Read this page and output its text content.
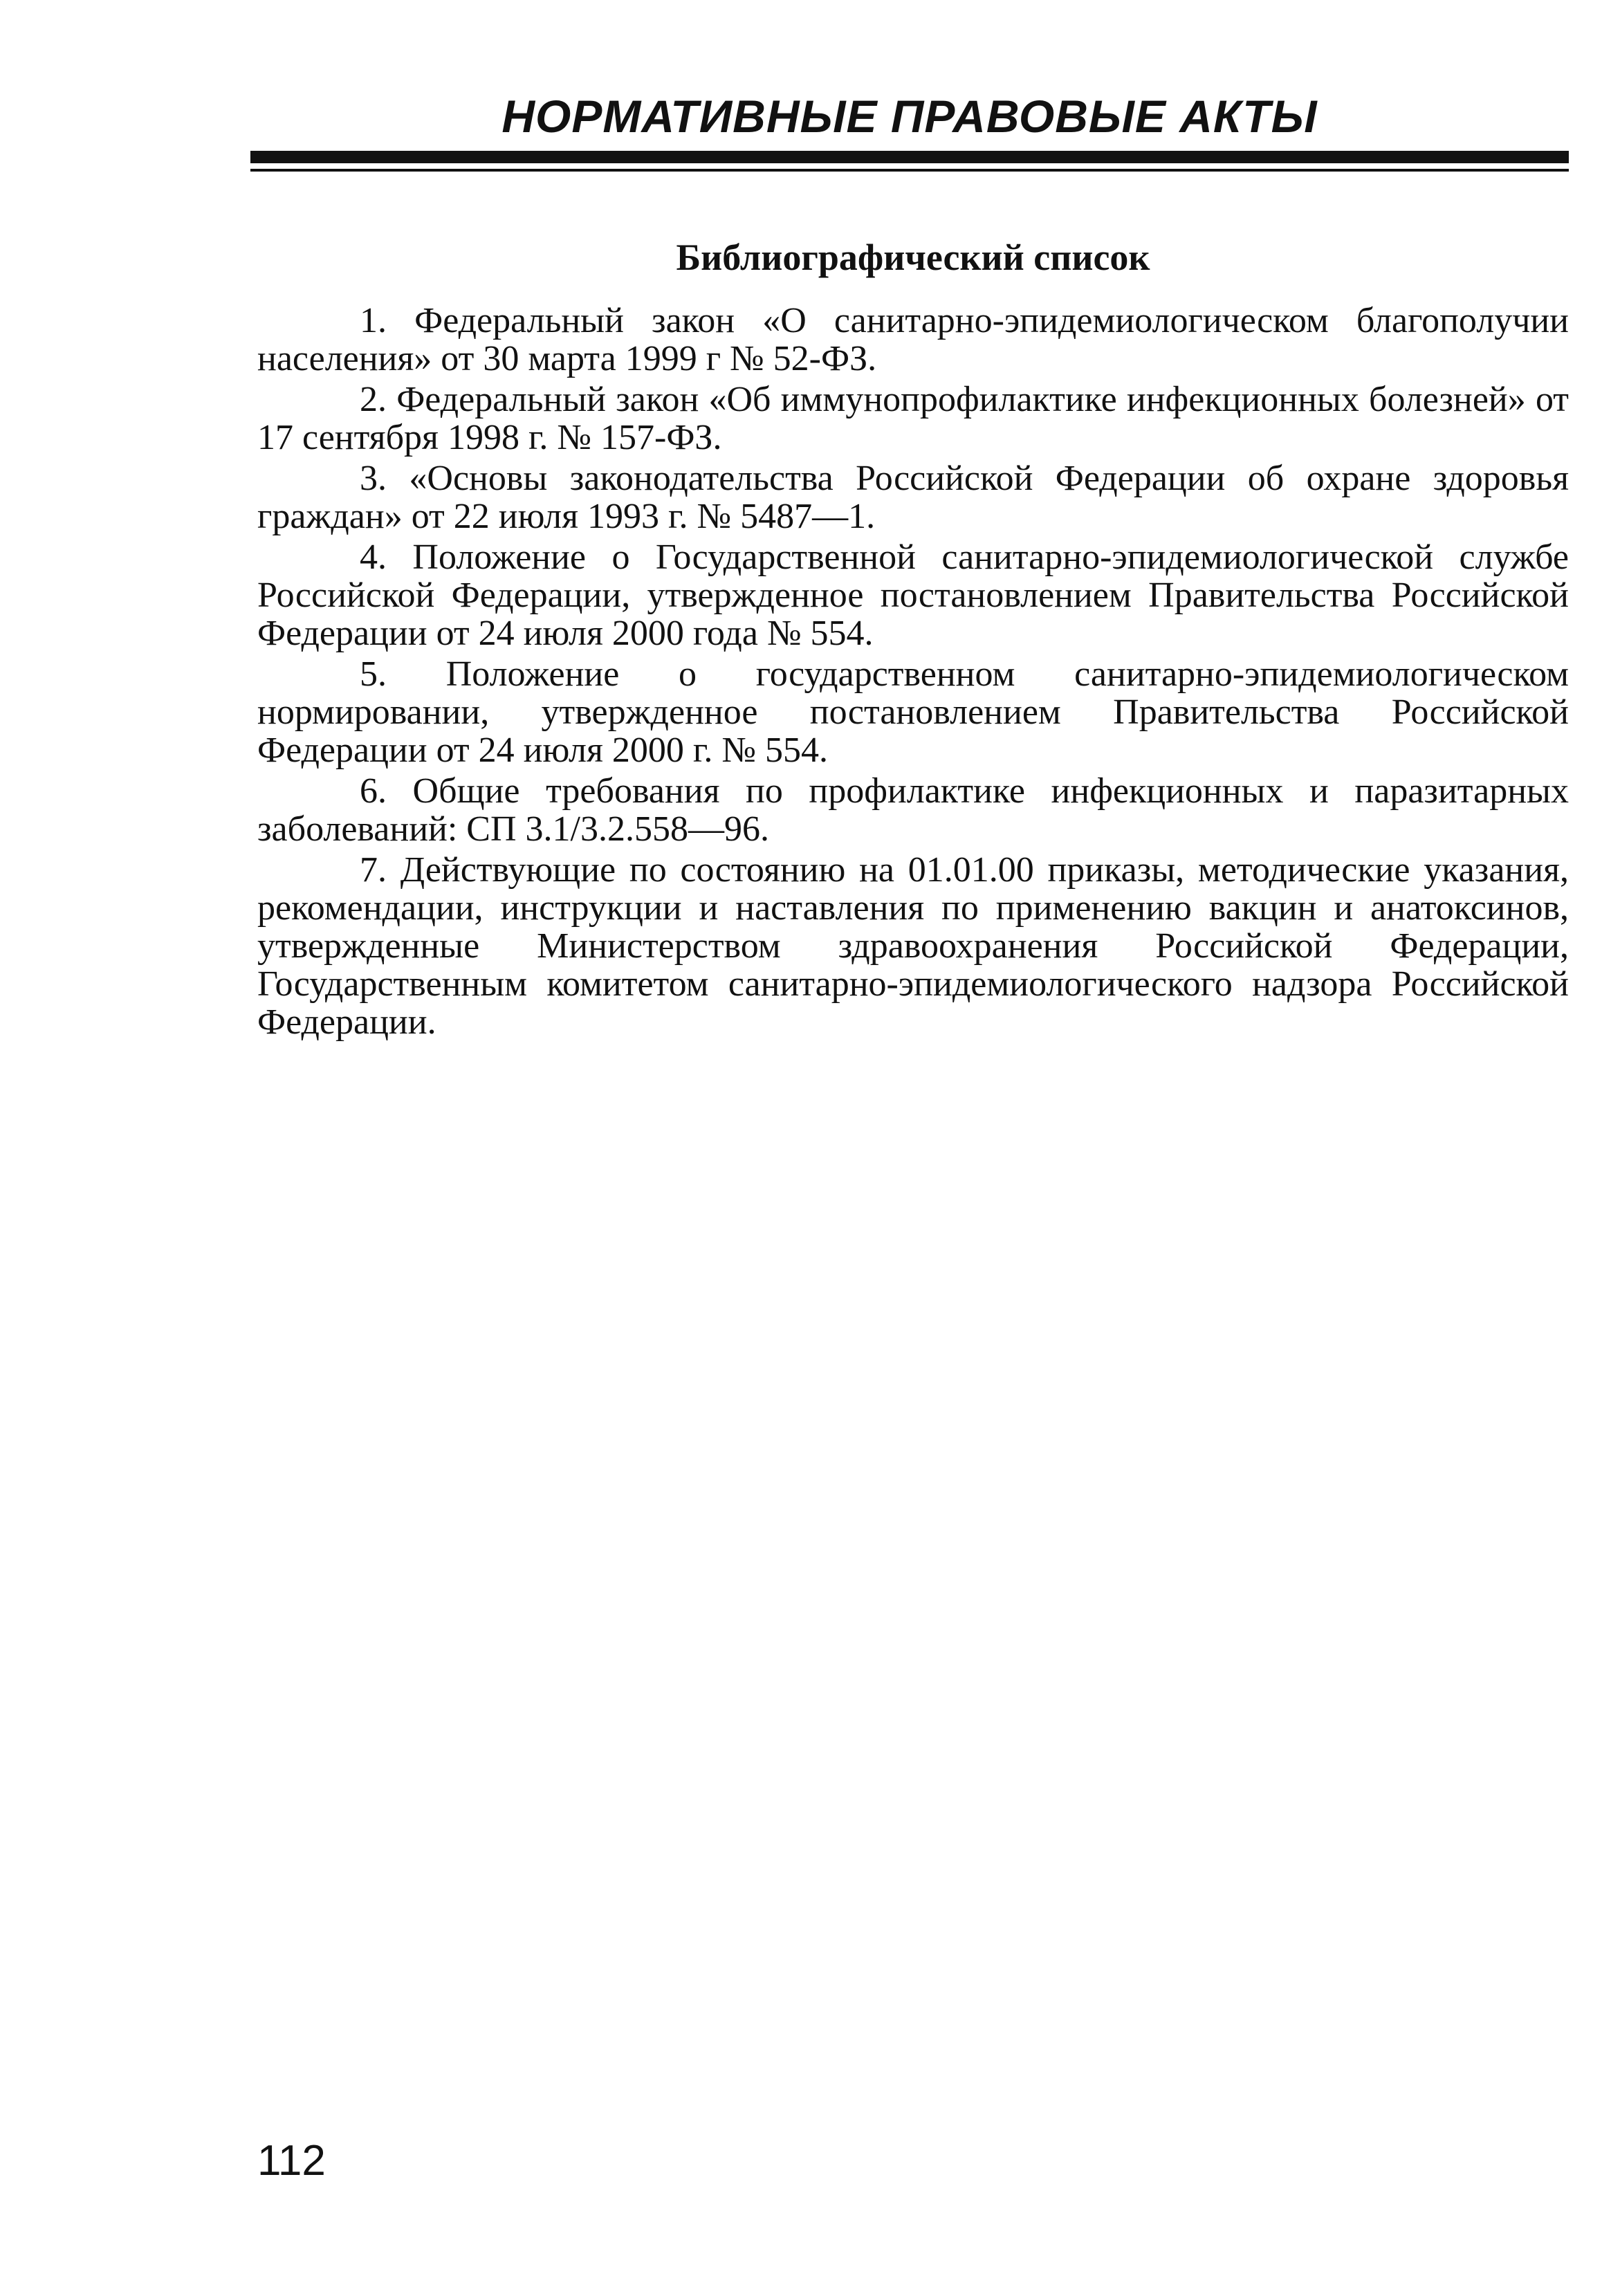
НОРМАТИВНЫЕ ПРАВОВЫЕ АКТЫ
Библиографический список

1. Федеральный закон «О санитарно-эпидемиологическом благополучии населения» от 30 марта 1999 г № 52-ФЗ.

2. Федеральный закон «Об иммунопрофилактике инфекционных болезней» от 17 сентября 1998 г. № 157-ФЗ.

3. «Основы законодательства Российской Федерации об охране здоровья граждан» от 22 июля 1993 г. № 5487—1.

4. Положение о Государственной санитарно-эпидемиологической службе Российской Федерации, утвержденное постановлением Правительства Российской Федерации от 24 июля 2000 года № 554.

5. Положение о государственном санитарно-эпидемиологическом нормировании, утвержденное постановлением Правительства Российской Федерации от 24 июля 2000 г. № 554.

6. Общие требования по профилактике инфекционных и паразитарных заболеваний: СП 3.1/3.2.558—96.

7. Действующие по состоянию на 01.01.00 приказы, методические указания, рекомендации, инструкции и наставления по применению вакцин и анатоксинов, утвержденные Министерством здравоохранения Российской Федерации, Государственным комитетом санитарно-эпидемиологического надзора Российской Федерации.

112
